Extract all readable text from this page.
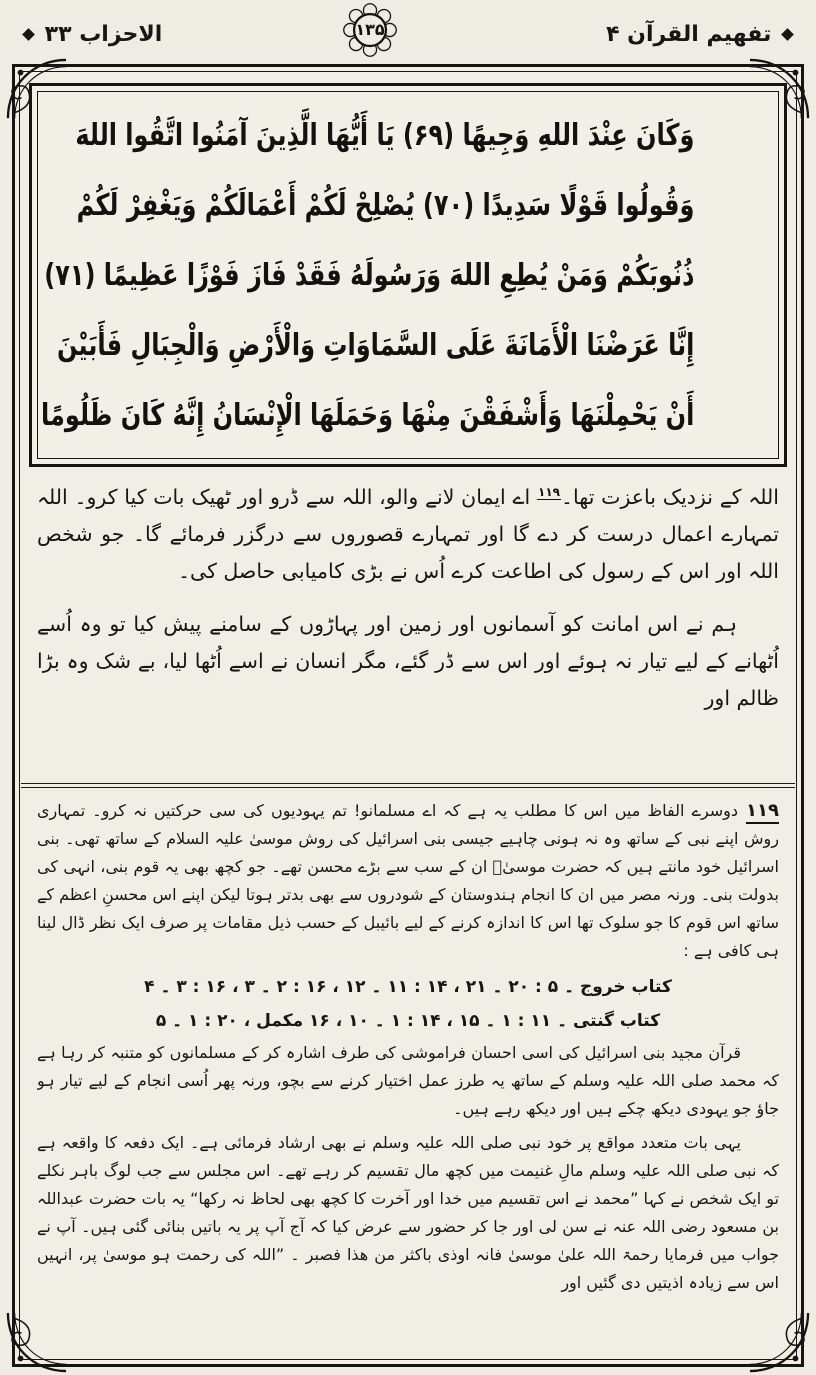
تفهيم القرآن ۴
الاحزاب ٣٣	۱۳۵
وَكَانَ عِنْدَ اللهِ وَجِيهًا (۶۹) يَا أَيُّهَا الَّذِينَ آمَنُوا اتَّقُوا اللهَ
وَقُولُوا قَوْلًا سَدِيدًا (۷۰) يُصْلِحْ لَكُمْ أَعْمَالَكُمْ وَيَغْفِرْ لَكُمْ
ذُنُوبَكُمْ وَمَنْ يُطِعِ اللهَ وَرَسُولَهُ فَقَدْ فَازَ فَوْزًا عَظِيمًا (۷۱)
إِنَّا عَرَضْنَا الْأَمَانَةَ عَلَى السَّمَاوَاتِ وَالْأَرْضِ وَالْجِبَالِ فَأَبَيْنَ
أَنْ يَحْمِلْنَهَا وَأَشْفَقْنَ مِنْهَا وَحَمَلَهَا الْإِنْسَانُ إِنَّهُ كَانَ ظَلُومًا

اللہ کے نزدیک باعزت تھا۔$^{۱۱۹}$ اے ایمان لانے والو، اللہ سے ڈرو اور ٹھیک بات کیا کرو۔ اللہ تمہارے اعمال درست کر دے گا اور تمہارے قصوروں سے درگزر فرمائے گا۔ جو شخص اللہ اور اس کے رسول کی اطاعت کرے اُس نے بڑی کامیابی حاصل کی۔

ہم نے اس امانت کو آسمانوں اور زمین اور پہاڑوں کے سامنے پیش کیا تو وہ اُسے اُٹھانے کے لیے تیار نہ ہوئے اور اس سے ڈر گئے، مگر انسان نے اسے اُٹھا لیا، بے شک وہ بڑا ظالم اور

۱۱۹دوسرے الفاظ میں اس کا مطلب یہ ہے کہ اے مسلمانو! تم یہودیوں کی سی حرکتیں نہ کرو۔ تمہاری روش اپنے نبی کے ساتھ وہ نہ ہونی چاہیے جیسی بنی اسرائیل کی روش موسیٰ علیہ السلام کے ساتھ تھی۔ بنی اسرائیل خود مانتے ہیں کہ حضرت موسیٰؑ ان کے سب سے بڑے محسن تھے۔ جو کچھ بھی یہ قوم بنی، انہی کی بدولت بنی۔ ورنہ مصر میں ان کا انجام ہندوستان کے شودروں سے بھی بدتر ہوتا لیکن اپنے اس محسنِ اعظم کے ساتھ اس قوم کا جو سلوک تھا اس کا اندازہ کرنے کے لیے بائیبل کے حسب ذیل مقامات پر صرف ایک نظر ڈال لینا ہی کافی ہے :

کتاب خروج ۔ ۵ : ۲۰ ۔ ۲۱ ، ۱۴ : ۱۱ ۔ ۱۲ ، ۱۶ : ۲ ۔ ۳ ، ۱۶ : ۳ ۔ ۴

کتاب گنتی ۔ ۱۱ : ۱ ۔ ۱۵ ، ۱۴ : ۱ ۔ ۱۰ ، ۱۶ مکمل ، ۲۰ : ۱ ۔ ۵

قرآن مجید بنی اسرائیل کی اسی احسان فراموشی کی طرف اشارہ کر کے مسلمانوں کو متنبہ کر رہا ہے کہ محمد صلی اللہ علیہ وسلم کے ساتھ یہ طرز عمل اختیار کرنے سے بچو، ورنہ پھر اُسی انجام کے لیے تیار ہو جاؤ جو یہودی دیکھ چکے ہیں اور دیکھ رہے ہیں۔

یہی بات متعدد مواقع پر خود نبی صلی اللہ علیہ وسلم نے بھی ارشاد فرمائی ہے۔ ایک دفعہ کا واقعہ ہے کہ نبی صلی اللہ علیہ وسلم مالِ غنیمت میں کچھ مال تقسیم کر رہے تھے۔ اس مجلس سے جب لوگ باہر نکلے تو ایک شخص نے کہا ”محمد نے اس تقسیم میں خدا اور آخرت کا کچھ بھی لحاظ نہ رکھا“ یہ بات حضرت عبداللہ بن مسعود رضی اللہ عنہ نے سن لی اور جا کر حضور سے عرض کیا کہ آج آپ پر یہ باتیں بنائی گئی ہیں۔ آپ نے جواب میں فرمایا رحمۃ اللہ علیٰ موسیٰ فانہ اوذی باکثر من ھذا فصبر ۔ ”اللہ کی رحمت ہو موسیٰ پر، انہیں اس سے زیادہ اذیتیں دی گئیں اور
